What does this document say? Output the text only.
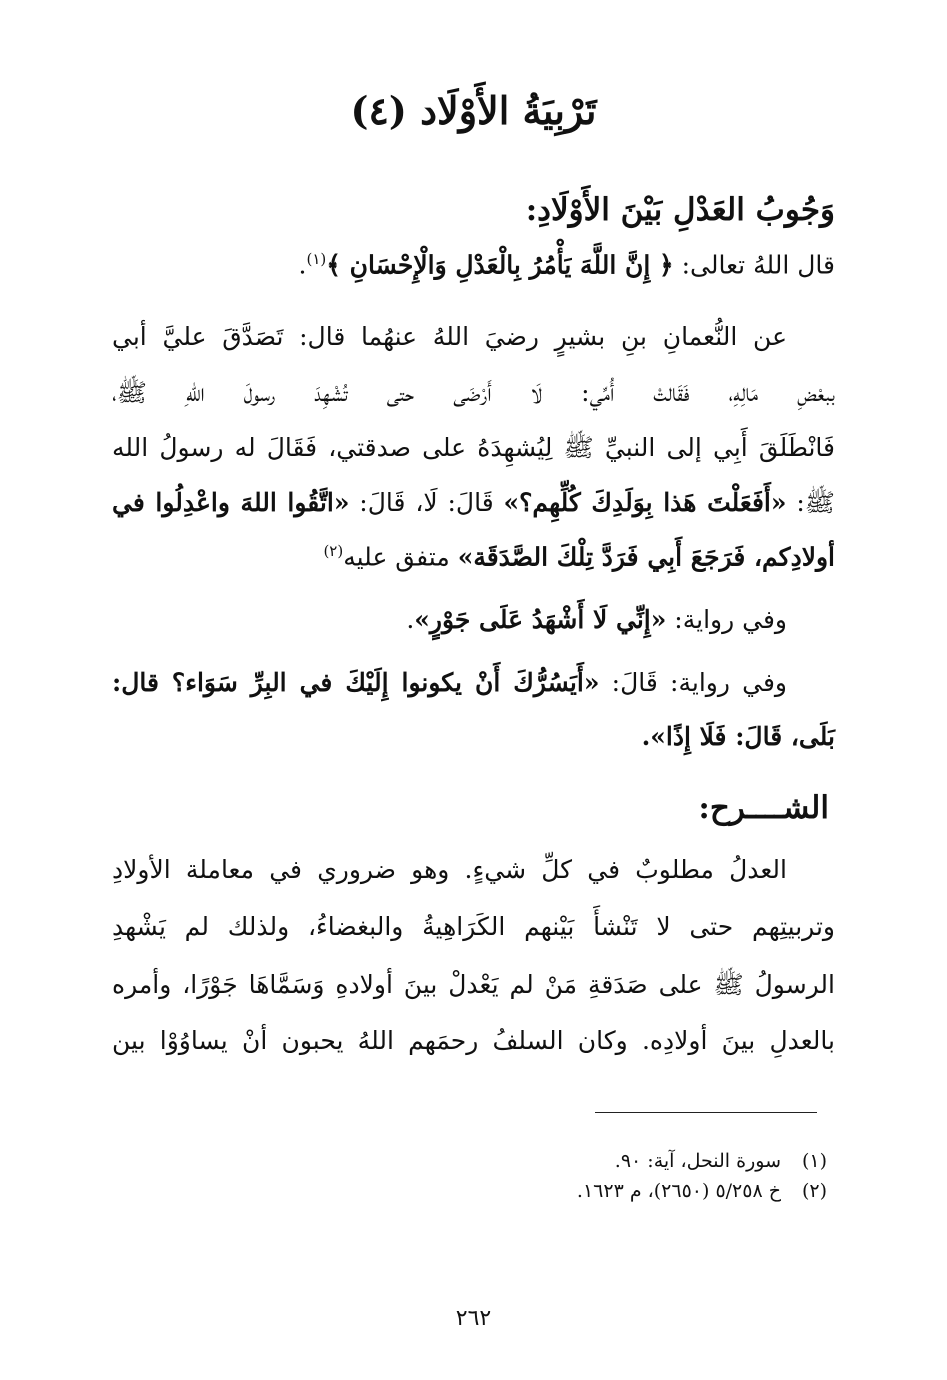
تَرْبِيَةُ الأَوْلَاد (٤)
وَجُوبُ العَدْلِ بَيْنَ الأَوْلَادِ:
قال اللهُ تعالى: ﴿ إِنَّ اللَّهَ يَأْمُرُ بِالْعَدْلِ وَالْإِحْسَانِ ﴾$^{(١)}$.
عن النُّعمانِ بنِ بشيرٍ رضيَ اللهُ عنهُما قال: تَصَدَّقَ عليَّ أبي
ببعْضِ مَالِهِ، فَقَالتْ أُمِّي: لَا أَرْضَى حتى تُشْهِدَ رسولَ اللهِ ﷺ،
فَانْطَلَقَ أَبِي إلى النبيِّ ﷺ لِيُشهِدَهُ على صدقتي، فَقَالَ له رسولُ الله
ﷺ: «أَفَعَلْتَ هَذا بِوَلَدِكَ كُلِّهِم؟» قَالَ: لَا، قَالَ: «اتَّقُوا اللهَ واعْدِلُوا في
أولادِكم، فَرَجَعَ أَبِي فَرَدَّ تِلْكَ الصَّدَقَة» متفق عليه$^{(٢)}$
وفي رواية: «إِنِّي لَا أَشْهَدُ عَلَى جَوْرٍ».
وفي رواية: قَالَ: «أَيَسُرُّكَ أَنْ يكونوا إِلَيْكَ في البِرِّ سَوَاء؟ قال:
بَلَى، قَالَ: فَلَا إِذًا».
الشــــرح:
العدلُ مطلوبٌ في كلِّ شيءٍ. وهو ضروري في معاملة الأولادِ
وتربيتِهم حتى لا تَنْشأَ بَيْنهم الكَرَاهِيةُ والبغضاءُ، ولذلك لم يَشْهدِ
الرسولُ ﷺ على صَدَقةِ مَنْ لم يَعْدلْ بينَ أولادهِ وَسَمَّاهَا جَوْرًا، وأمره
بالعدلِ بينَ أولادِه. وكان السلفُ رحمَهم اللهُ يحبون أنْ يساوُوْا بين
(١)سورة النحل، آية: ٩٠.
(٢)خ ٥/٢٥٨ (٢٦٥٠)، م ١٦٢٣.
٢٦٢
